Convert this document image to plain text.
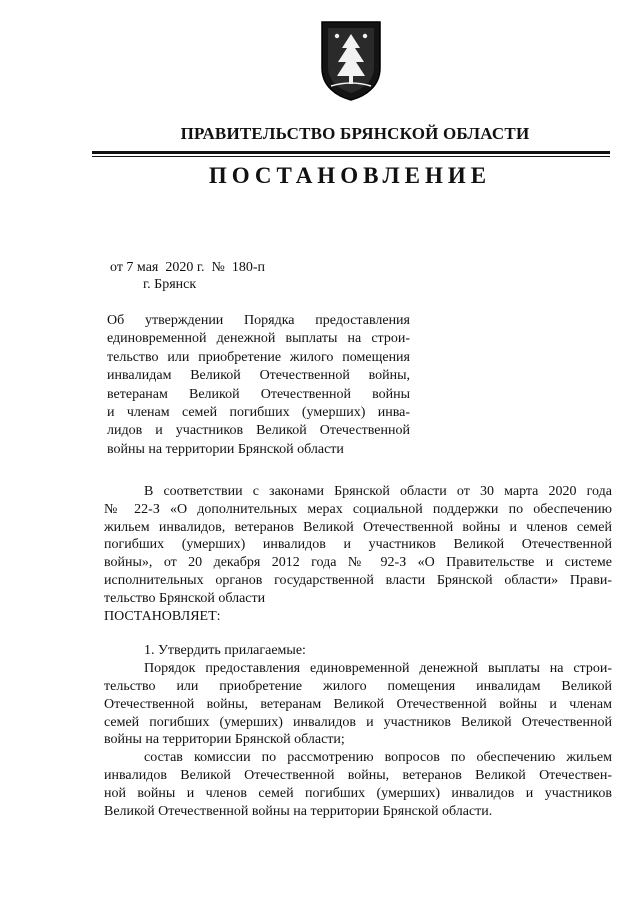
ПРАВИТЕЛЬСТВО БРЯНСКОЙ ОБЛАСТИ
ПОСТАНОВЛЕНИЕ
от 7 мая  2020 г.  №  180-п
г. Брянск
Об утверждении Порядка предоставления
единовременной денежной выплаты на строи-
тельство или приобретение жилого помещения
инвалидам Великой Отечественной войны,
ветеранам Великой Отечественной войны
и членам семей погибших (умерших) инва-
лидов и участников Великой Отечественной
войны на территории Брянской области
В соответствии с законами Брянской области от 30 марта 2020 года
№ 22-З «О дополнительных мерах социальной поддержки по обеспечению
жильем инвалидов, ветеранов Великой Отечественной войны и членов семей
погибших (умерших) инвалидов и участников Великой Отечественной
войны», от 20 декабря 2012 года № 92-З «О Правительстве и системе
исполнительных органов государственной власти Брянской области» Прави-
тельство Брянской области
ПОСТАНОВЛЯЕТ:
1. Утвердить прилагаемые:
Порядок предоставления единовременной денежной выплаты на строи-
тельство или приобретение жилого помещения инвалидам Великой
Отечественной войны, ветеранам Великой Отечественной войны и членам
семей погибших (умерших) инвалидов и участников Великой Отечественной
войны на территории Брянской области;
состав комиссии по рассмотрению вопросов по обеспечению жильем
инвалидов Великой Отечественной войны, ветеранов Великой Отечествен-
ной войны и членов семей погибших (умерших) инвалидов и участников
Великой Отечественной войны на территории Брянской области.
